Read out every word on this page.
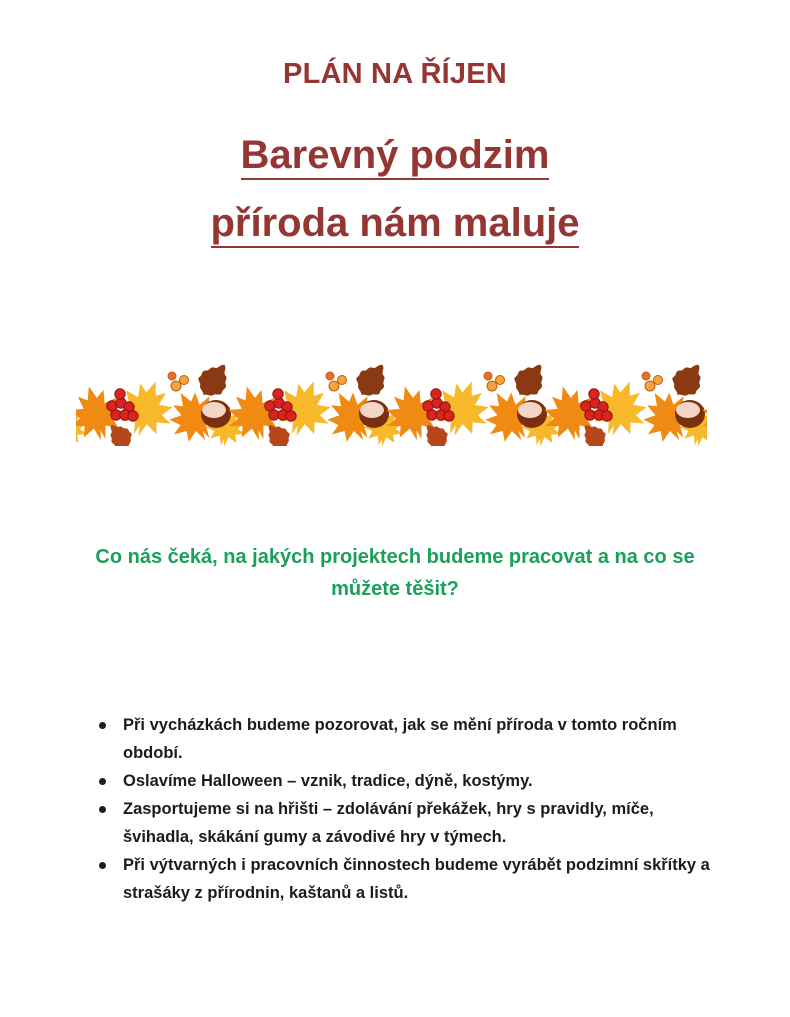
PLÁN NA ŘÍJEN
Barevný podzim
příroda nám maluje
Co nás čeká, na jakých projektech budeme pracovat a na co se můžete těšit?
Při vycházkách budeme pozorovat, jak se mění příroda v tomto ročním období.
Oslavíme Halloween – vznik, tradice, dýně, kostýmy.
Zasportujeme si na hřišti – zdolávání překážek, hry s pravidly, míče, švihadla, skákání gumy a závodivé hry v týmech.
Při výtvarných i pracovních činnostech budeme vyrábět podzimní skřítky a strašáky z přírodnin, kaštanů a listů.
